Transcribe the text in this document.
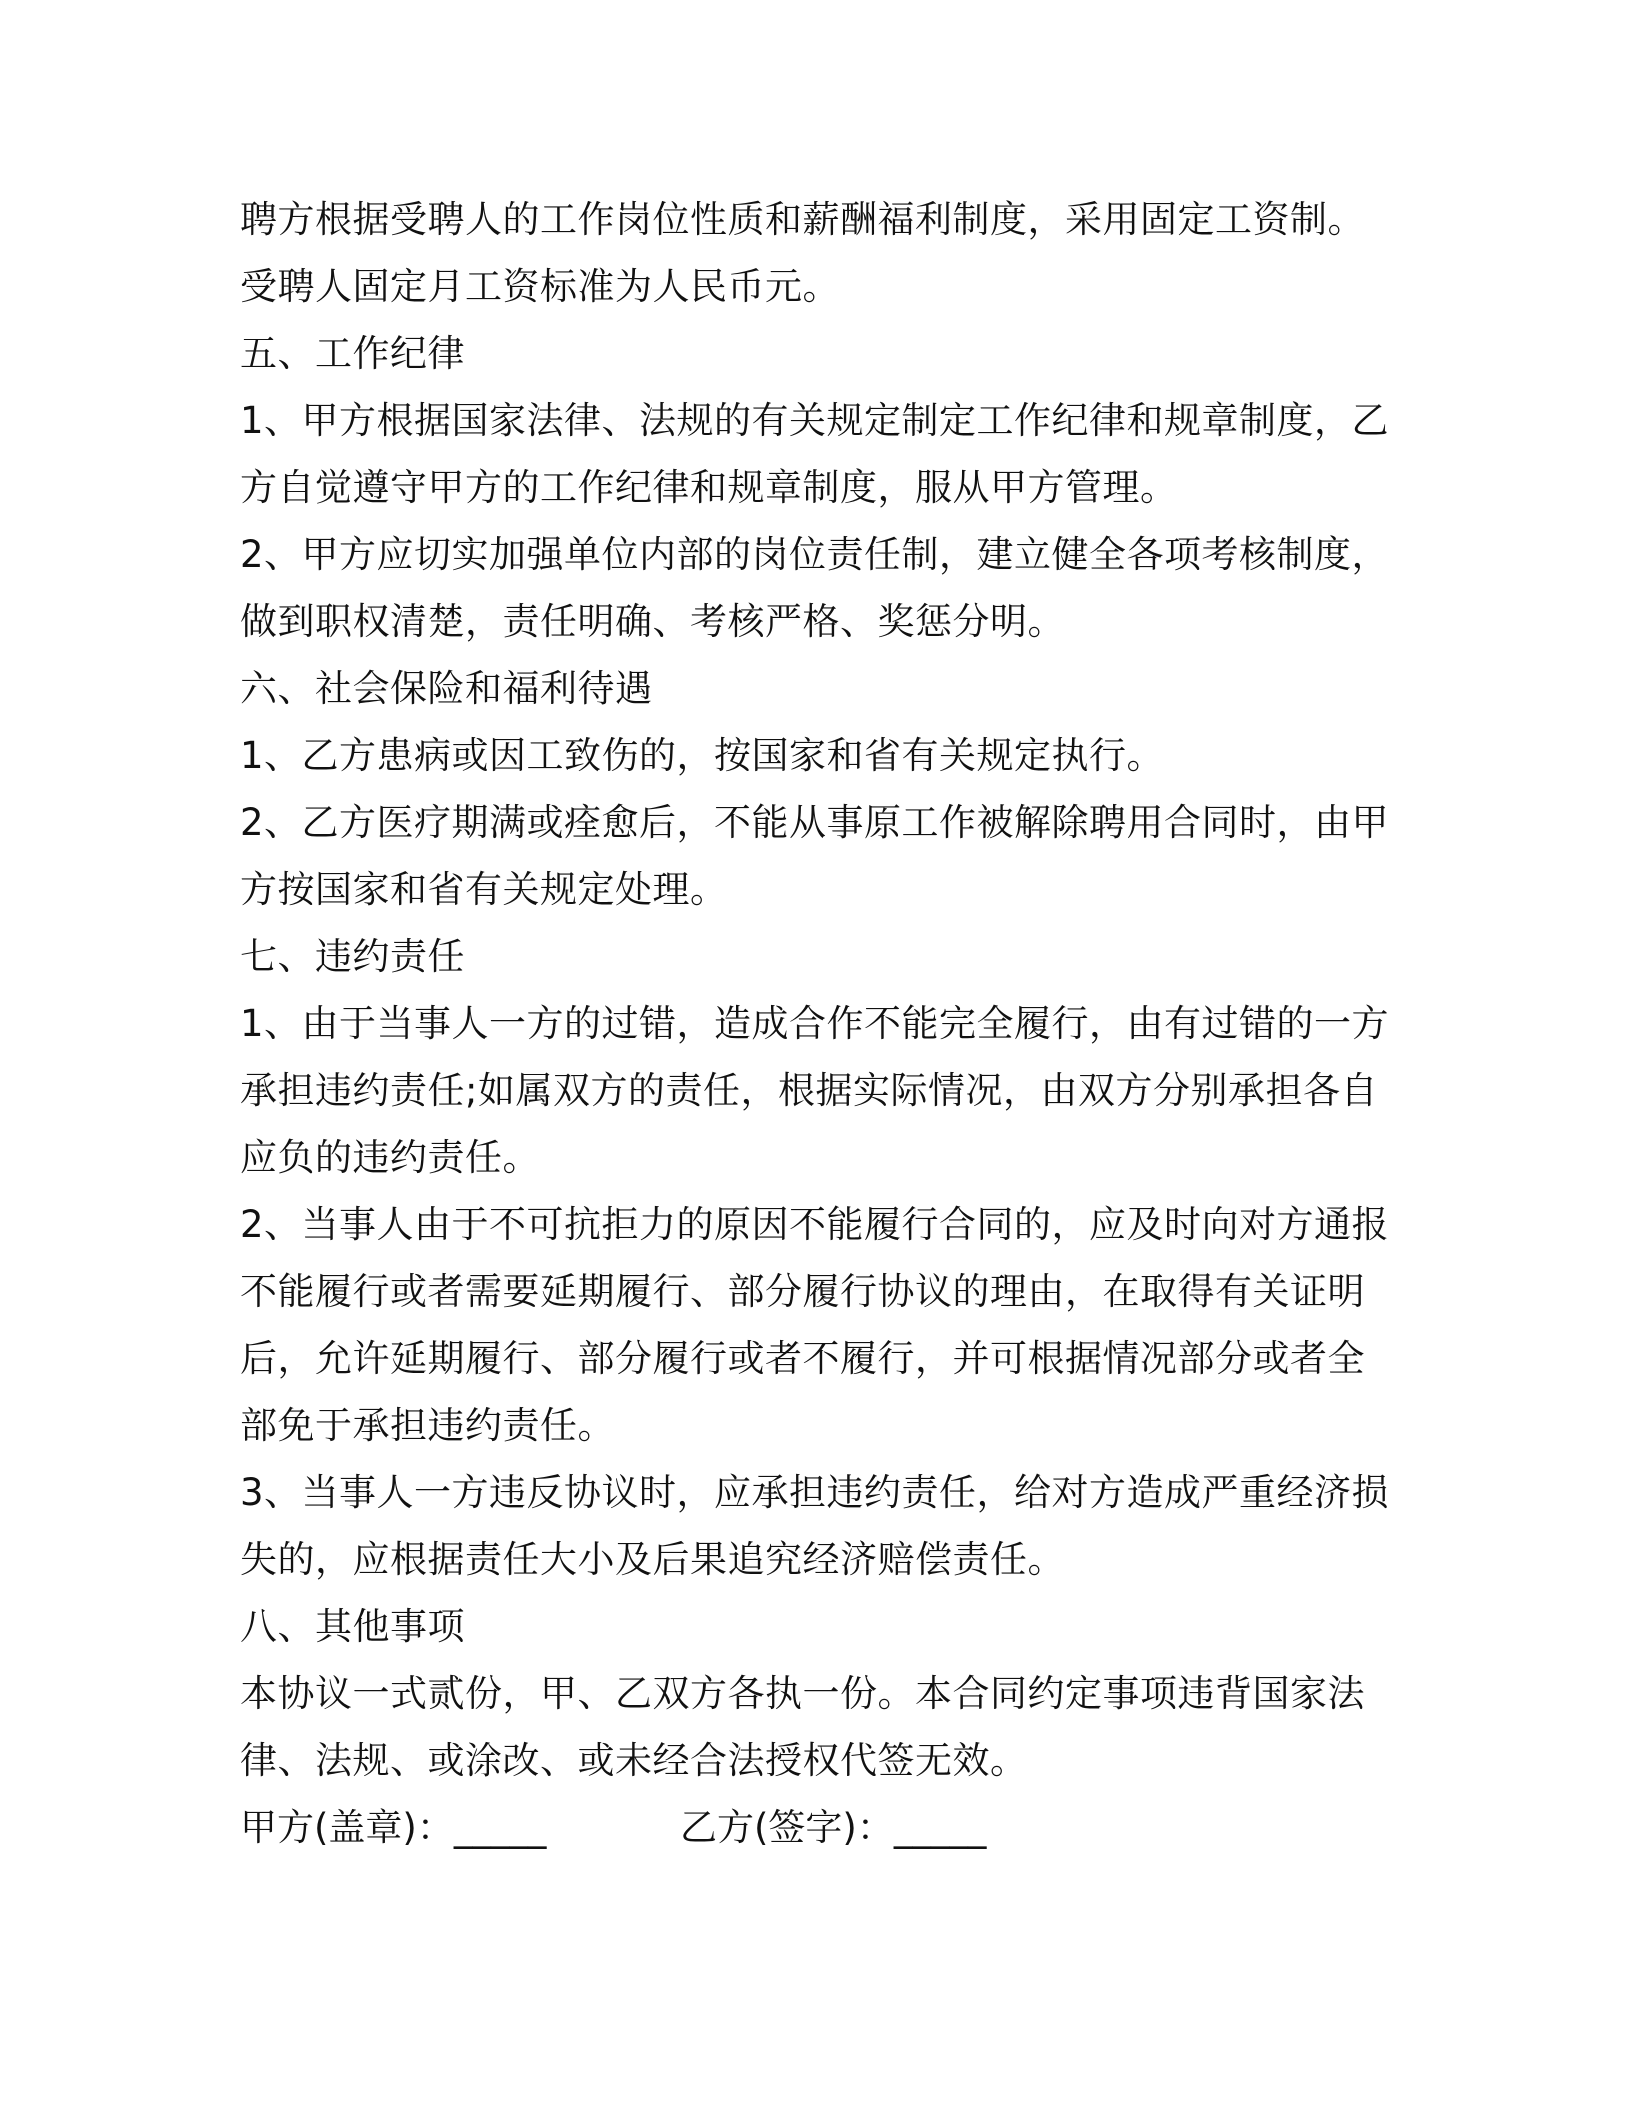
聘方根据受聘人的工作岗位性质和薪酬福利制度，采用固定工资制。
受聘人固定月工资标准为人民币元。
五、工作纪律
1、甲方根据国家法律、法规的有关规定制定工作纪律和规章制度，乙
方自觉遵守甲方的工作纪律和规章制度，服从甲方管理。
2、甲方应切实加强单位内部的岗位责任制，建立健全各项考核制度，
做到职权清楚，责任明确、考核严格、奖惩分明。
六、社会保险和福利待遇
1、乙方患病或因工致伤的，按国家和省有关规定执行。
2、乙方医疗期满或痊愈后，不能从事原工作被解除聘用合同时，由甲
方按国家和省有关规定处理。
七、违约责任
1、由于当事人一方的过错，造成合作不能完全履行，由有过错的一方
承担违约责任;如属双方的责任，根据实际情况，由双方分别承担各自
应负的违约责任。
2、当事人由于不可抗拒力的原因不能履行合同的，应及时向对方通报
不能履行或者需要延期履行、部分履行协议的理由，在取得有关证明
后，允许延期履行、部分履行或者不履行，并可根据情况部分或者全
部免于承担违约责任。
3、当事人一方违反协议时，应承担违约责任，给对方造成严重经济损
失的，应根据责任大小及后果追究经济赔偿责任。
八、其他事项
本协议一式贰份，甲、乙双方各执一份。本合同约定事项违背国家法
律、法规、或涂改、或未经合法授权代签无效。
甲方(盖章)：_____	乙方(签字)：_____
